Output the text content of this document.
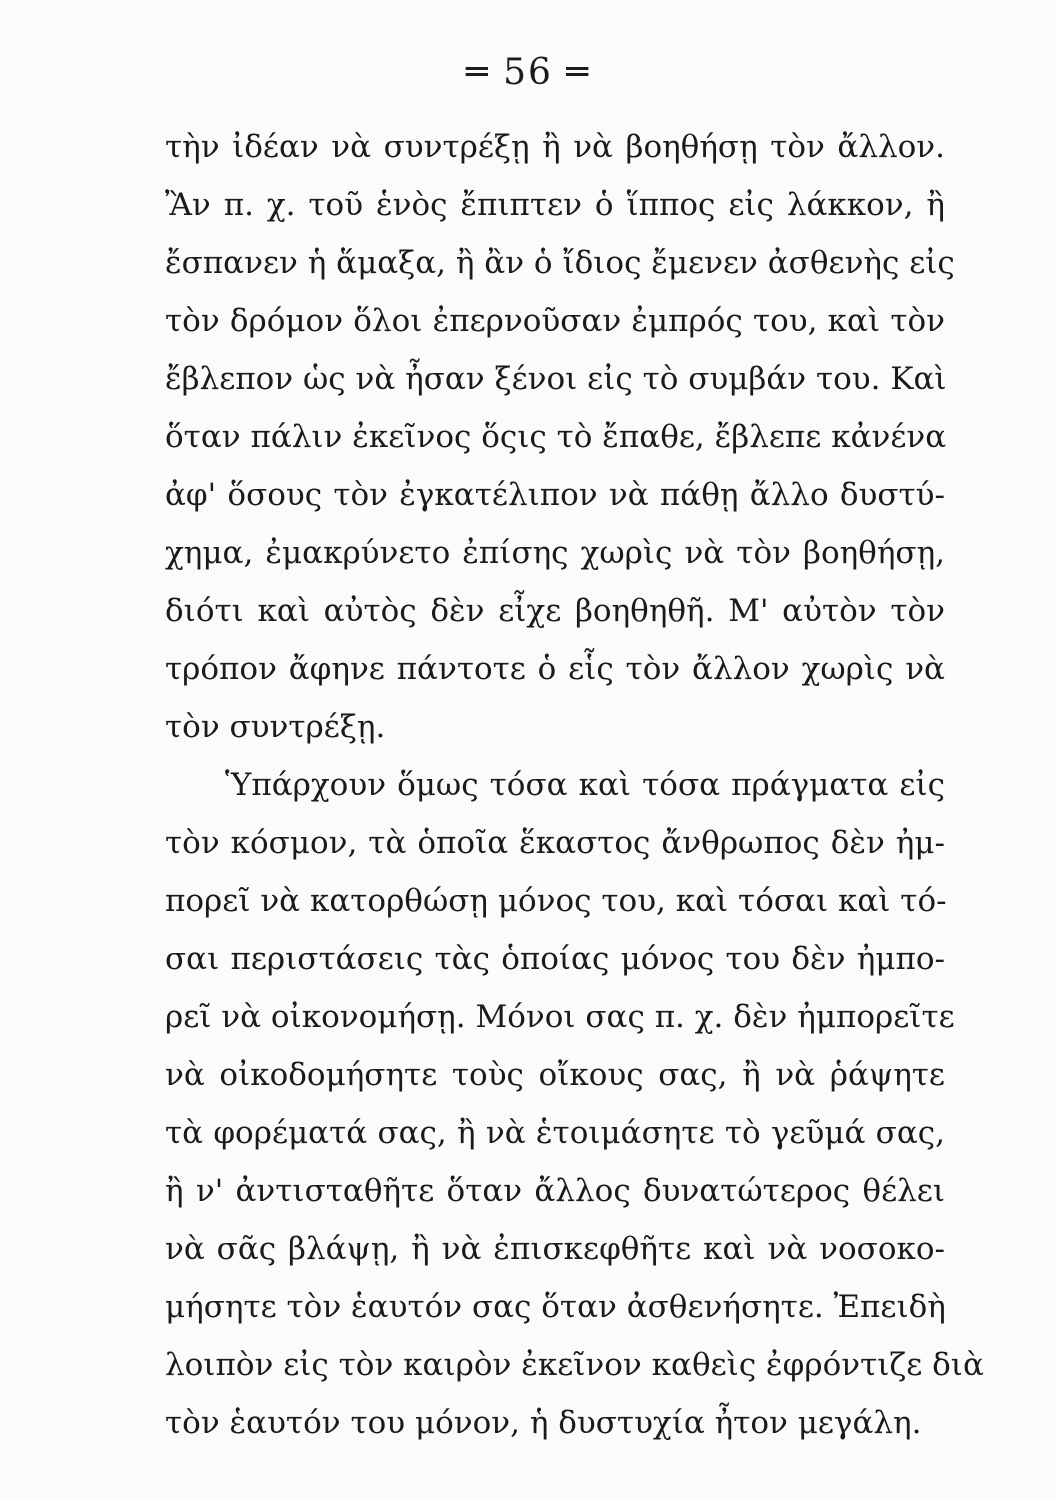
═ 56 ═
τὴν ἰδέαν νὰ συντρέξῃ ἢ νὰ βοηθήσῃ τὸν ἄλλον.
Ἂν π. χ. τοῦ ἑνὸς ἔπιπτεν ὁ ἵππος εἰς λάκκον, ἢ
ἔσπανεν ἡ ἅμαξα, ἢ ἂν ὁ ἴδιος ἔμενεν ἀσθενὴς εἰς
τὸν δρόμον ὅλοι ἐπερνοῦσαν ἐμπρός του, καὶ τὸν
ἔβλεπον ὡς νὰ ἦσαν ξένοι εἰς τὸ συμβάν του. Καὶ
ὅταν πάλιν ἐκεῖνος ὅςις τὸ ἔπαθε, ἔβλεπε κἀνένα
ἀφ' ὅσους τὸν ἐγκατέλιπον νὰ πάθῃ ἄλλο δυστύ-
χημα, ἐμακρύνετο ἐπίσης χωρὶς νὰ τὸν βοηθήσῃ,
διότι καὶ αὐτὸς δὲν εἶχε βοηθηθῆ. Μ' αὐτὸν τὸν
τρόπον ἄφηνε πάντοτε ὁ εἷς τὸν ἄλλον χωρὶς νὰ
τὸν συντρέξῃ.
Ὑπάρχουν ὅμως τόσα καὶ τόσα πράγματα εἰς
τὸν κόσμον, τὰ ὁποῖα ἕκαστος ἄνθρωπος δὲν ἠμ-
πορεῖ νὰ κατορθώσῃ μόνος του, καὶ τόσαι καὶ τό-
σαι περιστάσεις τὰς ὁποίας μόνος του δὲν ἠμπο-
ρεῖ νὰ οἰκονομήσῃ. Μόνοι σας π. χ. δὲν ἠμπορεῖτε
νὰ οἰκοδομήσητε τοὺς οἴκους σας, ἢ νὰ ῥάψητε
τὰ φορέματά σας, ἢ νὰ ἑτοιμάσητε τὸ γεῦμά σας,
ἢ ν' ἀντισταθῆτε ὅταν ἄλλος δυνατώτερος θέλει
νὰ σᾶς βλάψῃ, ἢ νὰ ἐπισκεφθῆτε καὶ νὰ νοσοκο-
μήσητε τὸν ἑαυτόν σας ὅταν ἀσθενήσητε. Ἐπειδὴ
λοιπὸν εἰς τὸν καιρὸν ἐκεῖνον καθεὶς ἐφρόντιζε διὰ
τὸν ἑαυτόν του μόνον, ἡ δυστυχία ἦτον μεγάλη.
